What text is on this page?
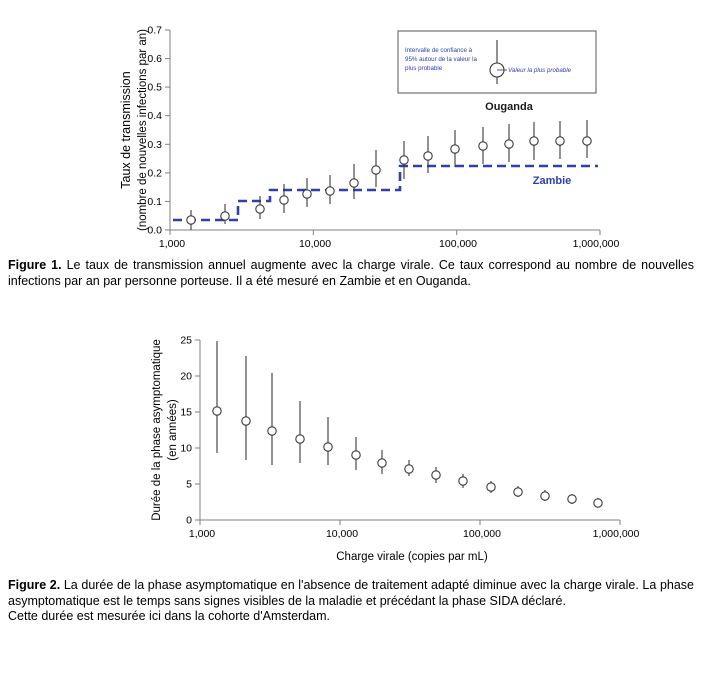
0.0
0.1
0.2
0.3
0.4
0.5
0.6
0.7
1,000	10,000	100,000	1,000,000
Taux de transmission (nombre de nouvelles infections par an)	Ouganda
Zambie
Intervalle de confiance à
95% autour de la valeur la
plus probable	Valeur la plus probable
Figure 1. Le taux de transmission annuel augmente avec la charge virale. Ce taux correspond au nombre de nouvelles infections par an par personne porteuse. Il a été mesuré en Zambie et en Ouganda.
0
5
10
15
20
25
1,000	10,000	100,000	1,000,000
Durée de la phase asymptomatique (en années)
Charge virale (copies par mL)
Figure 2. La durée de la phase asymptomatique en l'absence de traitement adapté diminue avec la charge virale. La phase asymptomatique est le temps sans signes visibles de la maladie et précédant la phase SIDA déclaré.
Cette durée est mesurée ici dans la cohorte d'Amsterdam.
